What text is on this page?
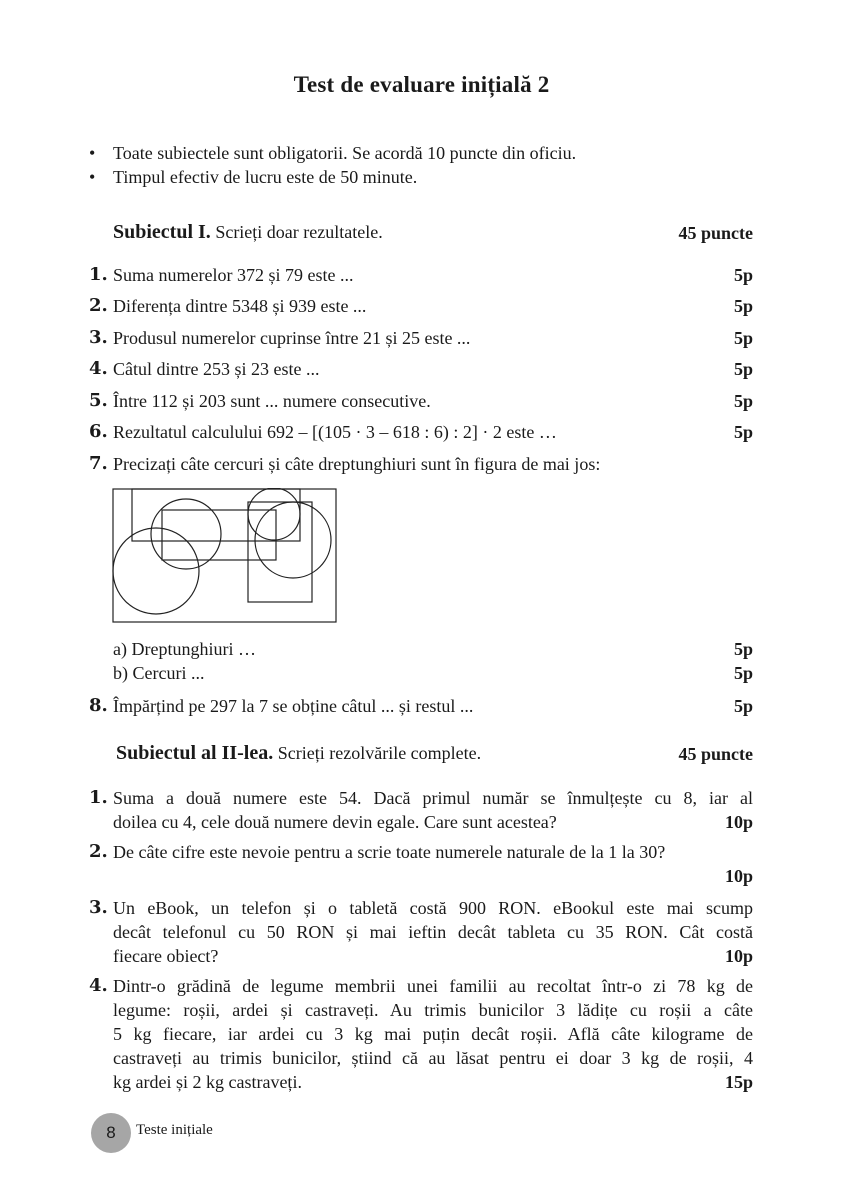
Test de evaluare inițială 2
• Toate subiectele sunt obligatorii. Se acordă 10 puncte din oficiu.
• Timpul efectiv de lucru este de 50 minute.
Subiectul I. Scrieți doar rezultatele.	45 puncte
1. Suma numerelor 372 și 79 este ...	5p
2. Diferența dintre 5348 și 939 este ...	5p
3. Produsul numerelor cuprinse între 21 și 25 este ...	5p
4. Câtul dintre 253 și 23 este ...	5p
5. Între 112 și 203 sunt ... numere consecutive.	5p
6. Rezultatul calculului 692 – [(105 · 3 – 618 : 6) : 2] · 2 este …	5p
7. Precizați câte cercuri și câte dreptunghiuri sunt în figura de mai jos:
a) Dreptunghiuri …	5p
b) Cercuri ...	5p
8. Împărțind pe 297 la 7 se obține câtul ... și restul ...	5p
Subiectul al II-lea. Scrieți rezolvările complete.	45 puncte
1. Suma a două numere este 54. Dacă primul număr se înmulțește cu 8, iar al
doilea cu 4, cele două numere devin egale. Care sunt acestea?	10p
2. De câte cifre este nevoie pentru a scrie toate numerele naturale de la 1 la 30?
10p
3. Un eBook, un telefon și o tabletă costă 900 RON. eBookul este mai scump
decât telefonul cu 50 RON și mai ieftin decât tableta cu 35 RON. Cât costă
fiecare obiect?	10p
4. Dintr-o grădină de legume membrii unei familii au recoltat într-o zi 78 kg de
legume: roșii, ardei și castraveți. Au trimis bunicilor 3 lădițe cu roșii a câte
5 kg fiecare, iar ardei cu 3 kg mai puțin decât roșii. Află câte kilograme de
castraveți au trimis bunicilor, știind că au lăsat pentru ei doar 3 kg de roșii, 4
kg ardei și 2 kg castraveți.	15p
8	Teste inițiale
